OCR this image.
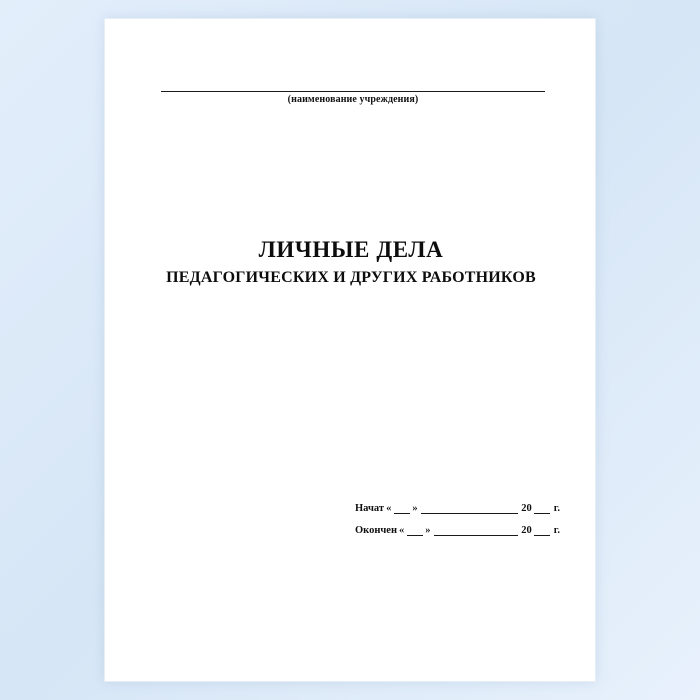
(наименование учреждения)
ЛИЧНЫЕ ДЕЛА
ПЕДАГОГИЧЕСКИХ И ДРУГИХ РАБОТНИКОВ
Начат « »	20 г.
Окончен « »	20 г.
